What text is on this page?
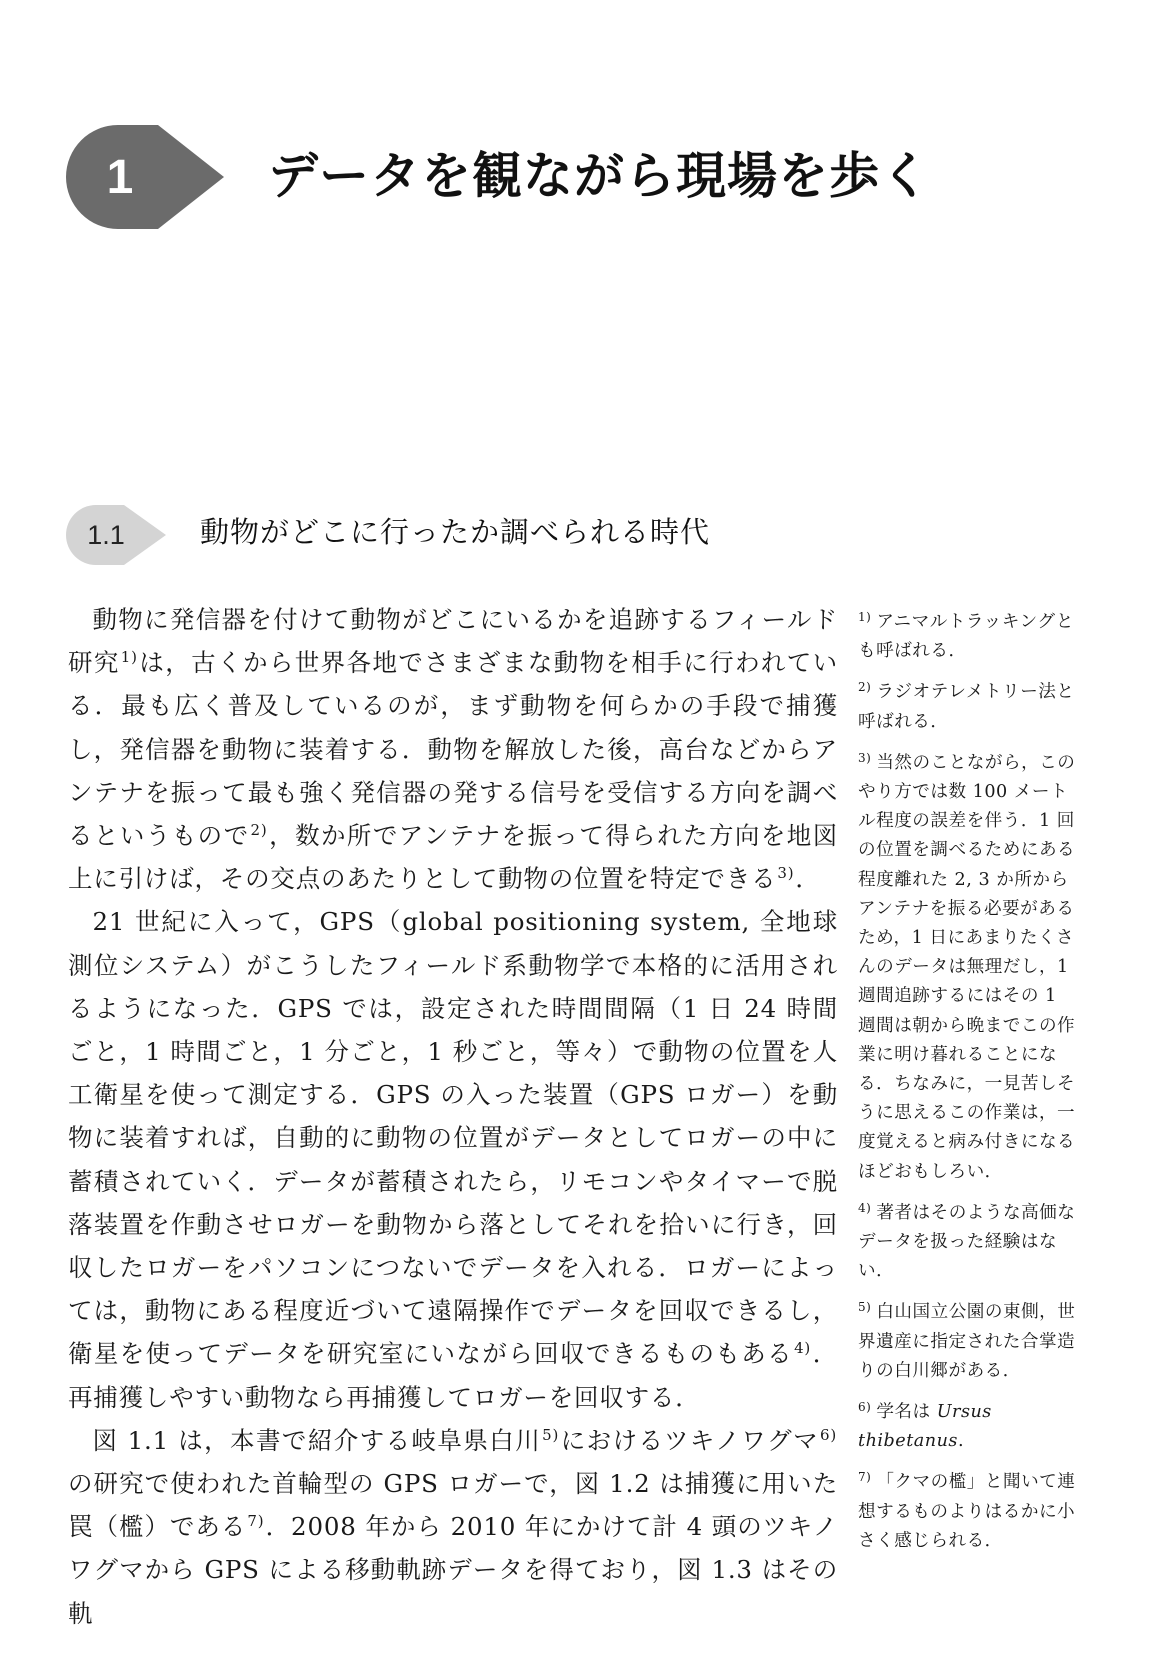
1	データを観ながら現場を歩く
1.1	動物がどこに行ったか調べられる時代

動物に発信器を付けて動物がどこにいるかを追跡するフィールド研究$^{1)}$は，古くから世界各地でさまざまな動物を相手に行われている．最も広く普及しているのが，まず動物を何らかの手段で捕獲し，発信器を動物に装着する．動物を解放した後，高台などからアンテナを振って最も強く発信器の発する信号を受信する方向を調べるというもので$^{2)}$，数か所でアンテナを振って得られた方向を地図上に引けば，その交点のあたりとして動物の位置を特定できる$^{3)}$．

21 世紀に入って，GPS（global positioning system, 全地球測位システム）がこうしたフィールド系動物学で本格的に活用されるようになった．GPS では，設定された時間間隔（1 日 24 時間ごと，1 時間ごと，1 分ごと，1 秒ごと，等々）で動物の位置を人工衛星を使って測定する．GPS の入った装置（GPS ロガー）を動物に装着すれば，自動的に動物の位置がデータとしてロガーの中に蓄積されていく．データが蓄積されたら，リモコンやタイマーで脱落装置を作動させロガーを動物から落としてそれを拾いに行き，回収したロガーをパソコンにつないでデータを入れる．ロガーによっては，動物にある程度近づいて遠隔操作でデータを回収できるし，衛星を使ってデータを研究室にいながら回収できるものもある$^{4)}$．再捕獲しやすい動物なら再捕獲してロガーを回収する．

図 1.1 は，本書で紹介する岐阜県白川$^{5)}$におけるツキノワグマ$^{6)}$の研究で使われた首輪型の GPS ロガーで，図 1.2 は捕獲に用いた罠（檻）である$^{7)}$．2008 年から 2010 年にかけて計 4 頭のツキノワグマから GPS による移動軌跡データを得ており，図 1.3 はその軌

$^{1)}$ アニマルトラッキングとも呼ばれる．
$^{2)}$ ラジオテレメトリー法と呼ばれる．
$^{3)}$ 当然のことながら，このやり方では数 100 メートル程度の誤差を伴う．1 回の位置を調べるためにある程度離れた 2, 3 か所からアンテナを振る必要があるため，1 日にあまりたくさんのデータは無理だし，1 週間追跡するにはその 1 週間は朝から晩までこの作業に明け暮れることになる．ちなみに，一見苦しそうに思えるこの作業は，一度覚えると病み付きになるほどおもしろい．
$^{4)}$ 著者はそのような高価なデータを扱った経験はない．
$^{5)}$ 白山国立公園の東側，世界遺産に指定された合掌造りの白川郷がある．
$^{6)}$ 学名は Ursus thibetanus.
$^{7)}$ 「クマの檻」と聞いて連想するものよりはるかに小さく感じられる．
